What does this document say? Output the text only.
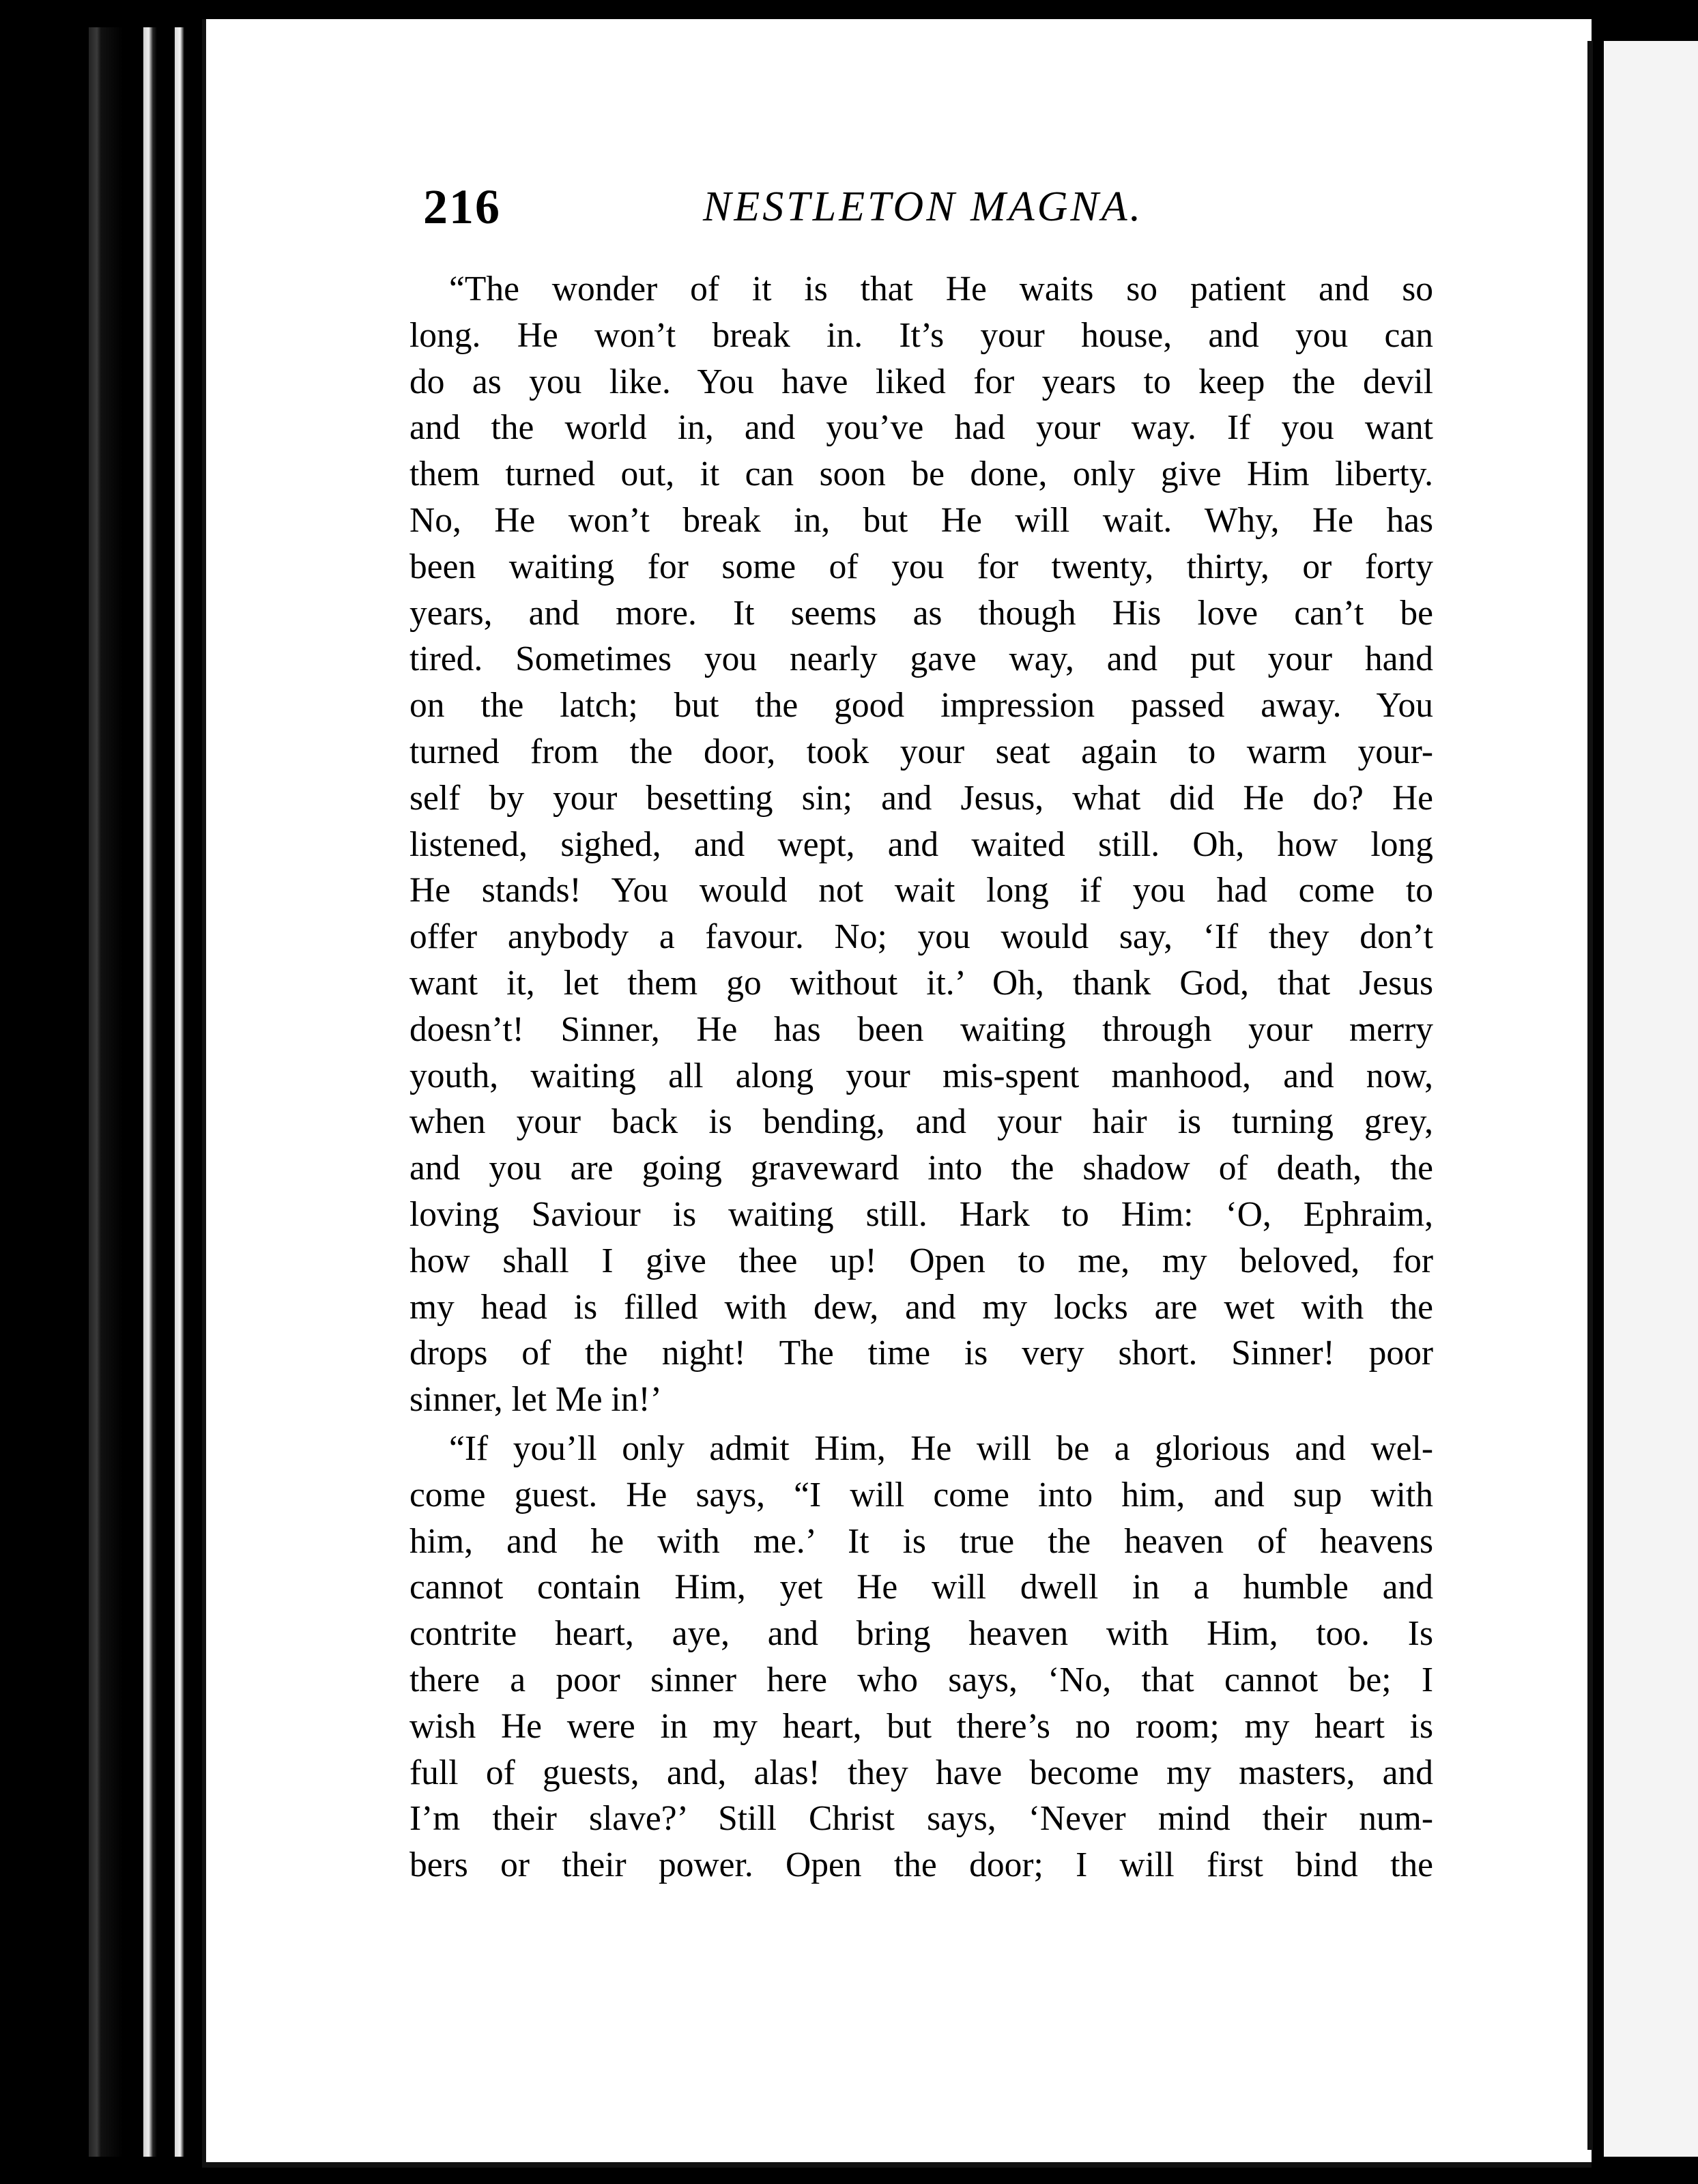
216	NESTLETON MAGNA.
“The wonder of it is that He waits so patient and so
long. He won’t break in. It’s your house, and you can
do as you like. You have liked for years to keep the devil
and the world in, and you’ve had your way. If you want
them turned out, it can soon be done, only give Him liberty.
No, He won’t break in, but He will wait. Why, He has
been waiting for some of you for twenty, thirty, or forty
years, and more. It seems as though His love can’t be
tired. Sometimes you nearly gave way, and put your hand
on the latch; but the good impression passed away. You
turned from the door, took your seat again to warm your-
self by your besetting sin; and Jesus, what did He do? He
listened, sighed, and wept, and waited still. Oh, how long
He stands! You would not wait long if you had come to
offer anybody a favour. No; you would say, ‘If they don’t
want it, let them go without it.’ Oh, thank God, that Jesus
doesn’t! Sinner, He has been waiting through your merry
youth, waiting all along your mis-spent manhood, and now,
when your back is bending, and your hair is turning grey,
and you are going graveward into the shadow of death, the
loving Saviour is waiting still. Hark to Him: ‘O, Ephraim,
how shall I give thee up! Open to me, my beloved, for
my head is filled with dew, and my locks are wet with the
drops of the night! The time is very short. Sinner! poor
sinner, let Me in!’
“If you’ll only admit Him, He will be a glorious and wel-
come guest. He says, “I will come into him, and sup with
him, and he with me.’ It is true the heaven of heavens
cannot contain Him, yet He will dwell in a humble and
contrite heart, aye, and bring heaven with Him, too. Is
there a poor sinner here who says, ‘No, that cannot be; I
wish He were in my heart, but there’s no room; my heart is
full of guests, and, alas! they have become my masters, and
I’m their slave?’ Still Christ says, ‘Never mind their num-
bers or their power. Open the door; I will first bind the
